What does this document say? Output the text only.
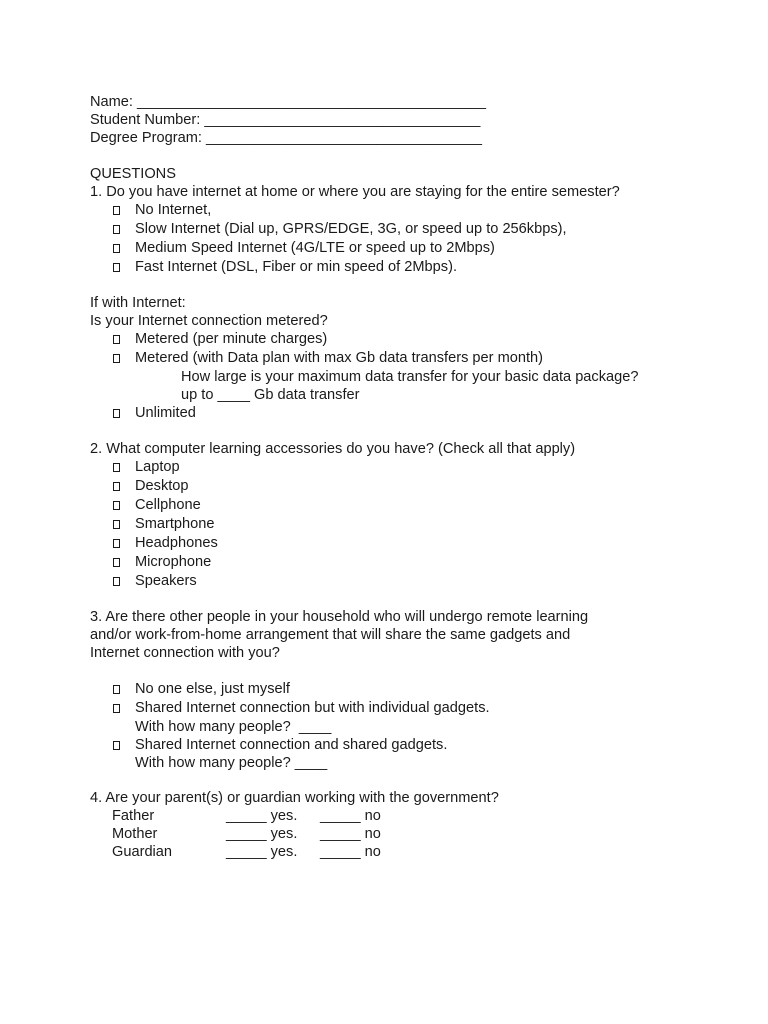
Name: ___________________________________________

Student Number: __________________________________

Degree Program: __________________________________

QUESTIONS

1. Do you have internet at home or where you are staying for the entire semester?

No Internet,

Slow Internet (Dial up, GPRS/EDGE, 3G, or speed up to 256kbps),

Medium Speed Internet (4G/LTE or speed up to 2Mbps)

Fast Internet (DSL, Fiber or min speed of 2Mbps).

If with Internet:

Is your Internet connection metered?

Metered (per minute charges)

Metered (with Data plan with max Gb data transfers per month)

How large is your maximum data transfer for your basic data package?

up to ____ Gb data transfer

Unlimited

2. What computer learning accessories do you have? (Check all that apply)

Laptop

Desktop

Cellphone

Smartphone

Headphones

Microphone

Speakers

3. Are there other people in your household who will undergo remote learning

and/or work-from-home arrangement that will share the same gadgets and

Internet connection with you?

No one else, just myself

Shared Internet connection but with individual gadgets.

With how many people?  ____

Shared Internet connection and shared gadgets.

With how many people? ____

4. Are your parent(s) or guardian working with the government?

Father	_____ yes. _____ no

Mother	_____ yes. _____ no

Guardian	_____ yes. _____ no
